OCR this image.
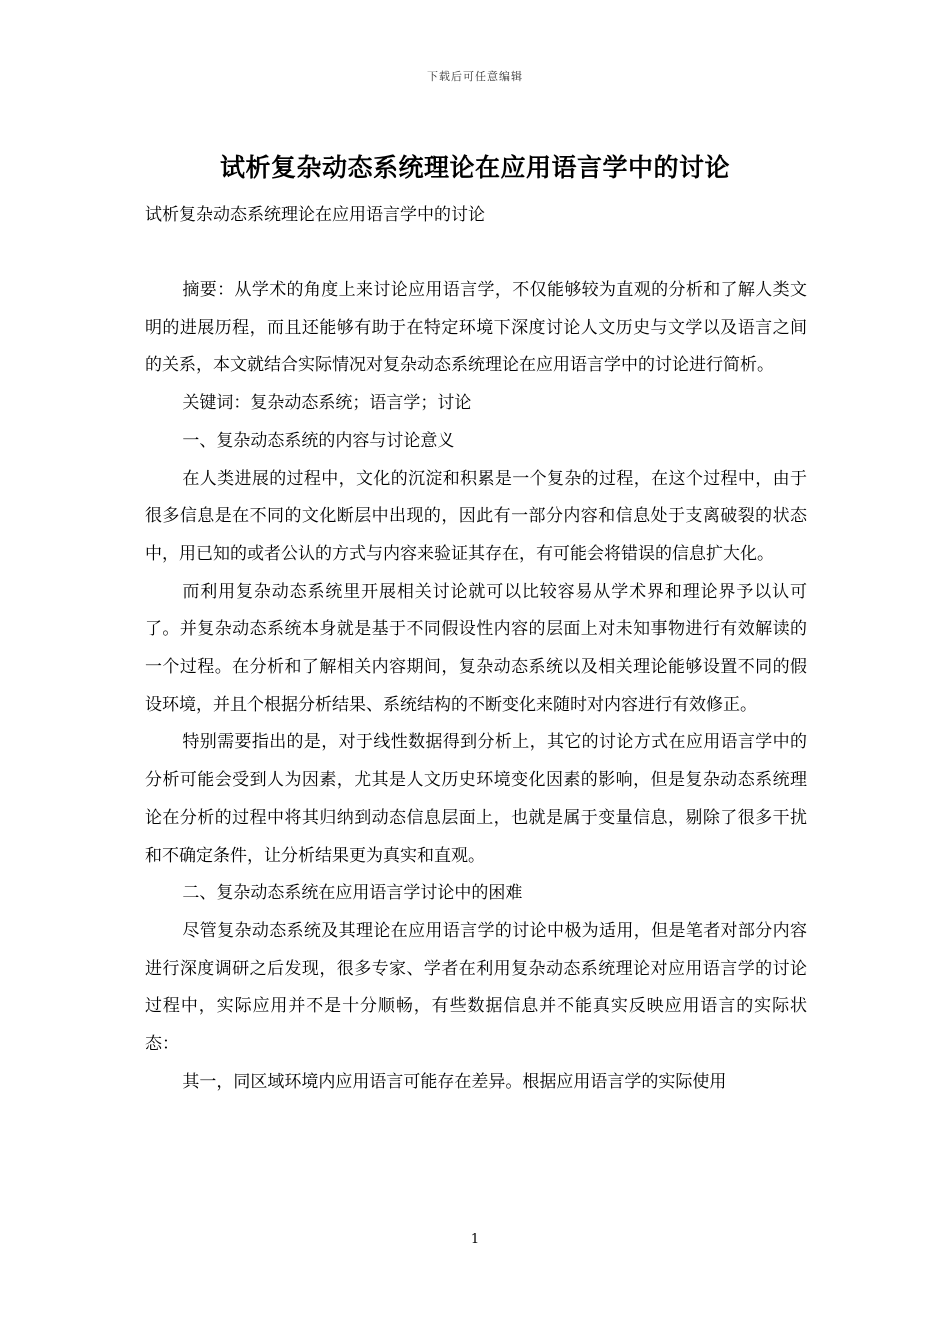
下载后可任意编辑
试析复杂动态系统理论在应用语言学中的讨论
试析复杂动态系统理论在应用语言学中的讨论

摘要：从学术的角度上来讨论应用语言学，不仅能够较为直观的分析和了解人类文明的进展历程，而且还能够有助于在特定环境下深度讨论人文历史与文学以及语言之间的关系，本文就结合实际情况对复杂动态系统理论在应用语言学中的讨论进行简析。

关键词：复杂动态系统；语言学；讨论

一、复杂动态系统的内容与讨论意义

在人类进展的过程中，文化的沉淀和积累是一个复杂的过程，在这个过程中，由于很多信息是在不同的文化断层中出现的，因此有一部分内容和信息处于支离破裂的状态中，用已知的或者公认的方式与内容来验证其存在，有可能会将错误的信息扩大化。

而利用复杂动态系统里开展相关讨论就可以比较容易从学术界和理论界予以认可了。并复杂动态系统本身就是基于不同假设性内容的层面上对未知事物进行有效解读的一个过程。在分析和了解相关内容期间，复杂动态系统以及相关理论能够设置不同的假设环境，并且个根据分析结果、系统结构的不断变化来随时对内容进行有效修正。

特别需要指出的是，对于线性数据得到分析上，其它的讨论方式在应用语言学中的分析可能会受到人为因素，尤其是人文历史环境变化因素的影响，但是复杂动态系统理论在分析的过程中将其归纳到动态信息层面上，也就是属于变量信息，剔除了很多干扰和不确定条件，让分析结果更为真实和直观。

二、复杂动态系统在应用语言学讨论中的困难

尽管复杂动态系统及其理论在应用语言学的讨论中极为适用，但是笔者对部分内容进行深度调研之后发现，很多专家、学者在利用复杂动态系统理论对应用语言学的讨论过程中，实际应用并不是十分顺畅，有些数据信息并不能真实反映应用语言的实际状态：

其一，同区域环境内应用语言可能存在差异。根据应用语言学的实际使用

1
